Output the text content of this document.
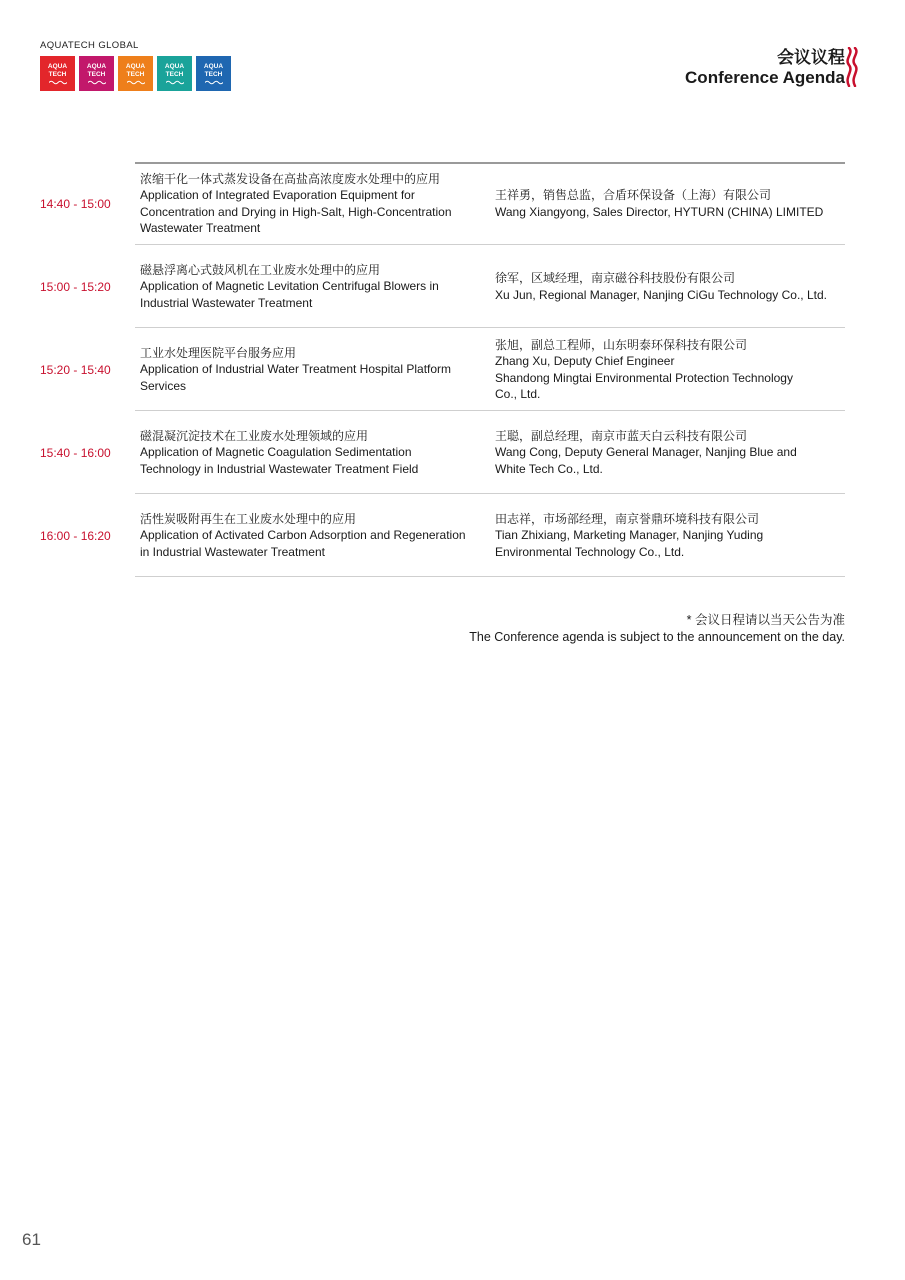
AQUATECH GLOBAL
AQUA
TECH
AQUA
TECH
AQUA
TECH
AQUA
TECH
AQUA
TECH
会议议程
Conference Agenda
14:40 - 15:00
浓缩干化一体式蒸发设备在高盐高浓度废水处理中的应用
Application of Integrated Evaporation Equipment for
Concentration and Drying in High-Salt, High-Concentration
Wastewater Treatment
王祥勇，销售总监，合盾环保设备（上海）有限公司
Wang Xiangyong, Sales Director, HYTURN (CHINA) LIMITED
15:00 - 15:20
磁悬浮离心式鼓风机在工业废水处理中的应用
Application of Magnetic Levitation Centrifugal Blowers in
Industrial Wastewater Treatment
徐军，区域经理，南京磁谷科技股份有限公司
Xu Jun, Regional Manager, Nanjing CiGu Technology Co., Ltd.
15:20 - 15:40
工业水处理医院平台服务应用
Application of Industrial Water Treatment Hospital Platform
Services
张旭，副总工程师，山东明泰环保科技有限公司
Zhang Xu, Deputy Chief Engineer
Shandong Mingtai Environmental Protection Technology
Co., Ltd.
15:40 - 16:00
磁混凝沉淀技术在工业废水处理领域的应用
Application of Magnetic Coagulation Sedimentation
Technology in Industrial Wastewater Treatment Field
王聪，副总经理，南京市蓝天白云科技有限公司
Wang Cong, Deputy General Manager, Nanjing Blue and
White Tech Co., Ltd.
16:00 - 16:20
活性炭吸附再生在工业废水处理中的应用
Application of Activated Carbon Adsorption and Regeneration
in Industrial Wastewater Treatment
田志祥，市场部经理，南京誉鼎环境科技有限公司
Tian Zhixiang, Marketing Manager, Nanjing Yuding
Environmental Technology Co., Ltd.
* 会议日程请以当天公告为准
The Conference agenda is subject to the announcement on the day.
61
